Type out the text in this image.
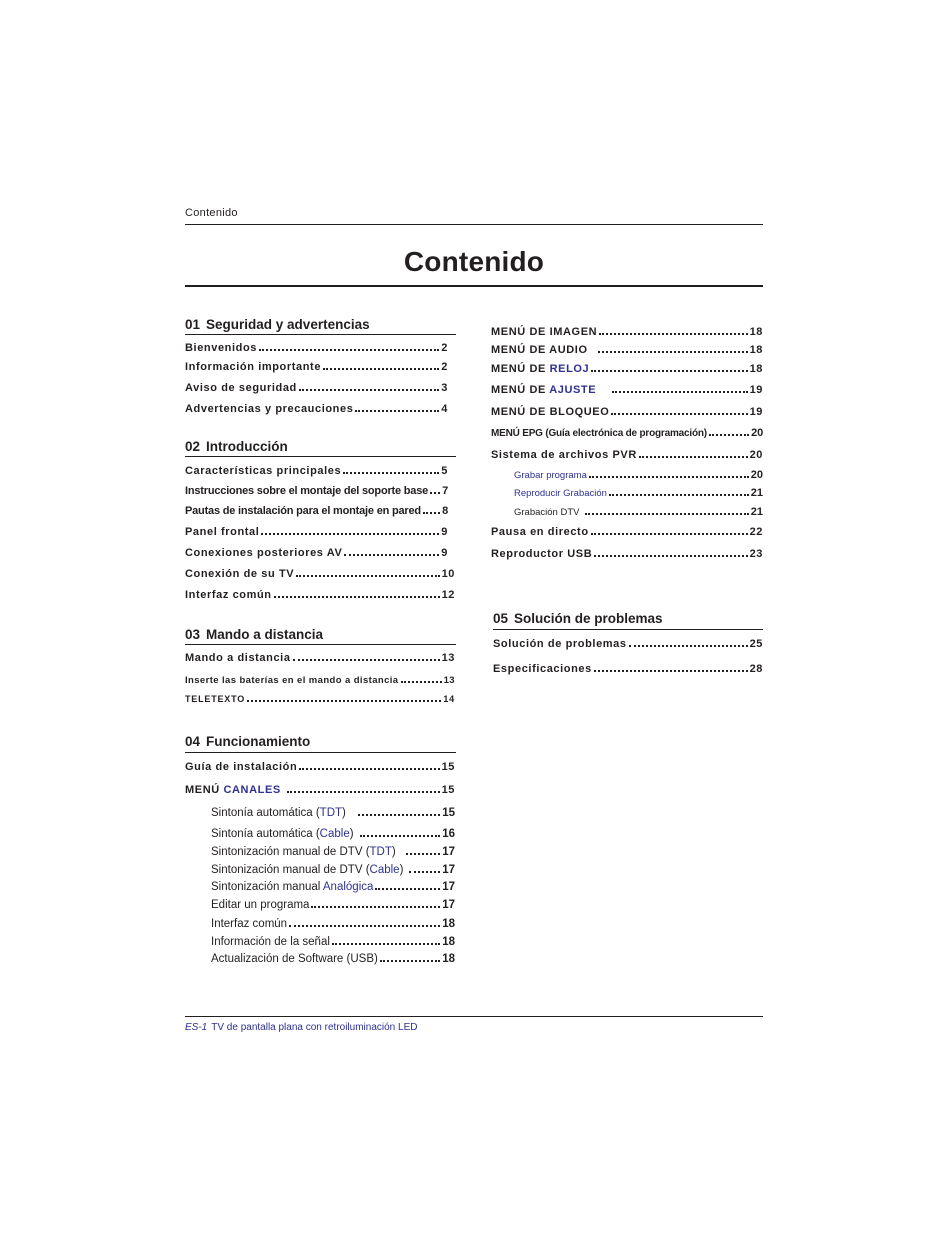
Contenido
Contenido
01 Seguridad y advertencias
Bienvenidos	2
Información importante	2
Aviso de seguridad	3
Advertencias y precauciones	4
02 Introducción
Características principales	5
Instrucciones sobre el montaje del soporte base 7
Pautas de instalación para el montaje en pared 8
Panel frontal	9
Conexiones posteriores AV	9
Conexión de su TV	10
Interfaz común	12
03 Mando a distancia
Mando a distancia	13
Inserte las baterías en el mando a distancia	13
TELETEXTO	14
04 Funcionamiento
Guía de instalación	15
MENÚ CANALES	15
Sintonía automática (TDT)	15
Sintonía automática (Cable)	16
Sintonización manual de DTV (TDT)	17
Sintonización manual de DTV (Cable)	17
Sintonización manual Analógica	17
Editar un programa	17
Interfaz común	18
Información de la señal	18
Actualización de Software (USB)	18
MENÚ DE IMAGEN	18
MENÚ DE AUDIO	18
MENÚ DE RELOJ	18
MENÚ DE AJUSTE	19
MENÚ DE BLOQUEO	19
MENÚ EPG (Guía electrónica de programación)	20
Sistema de archivos PVR	20
Grabar programa	20
Reproducir Grabación	21
Grabación DTV	21
Pausa en directo	22
Reproductor USB	23
05 Solución de problemas
Solución de problemas	25
Especificaciones	28
ES-1 TV de pantalla plana con retroiluminación LED
